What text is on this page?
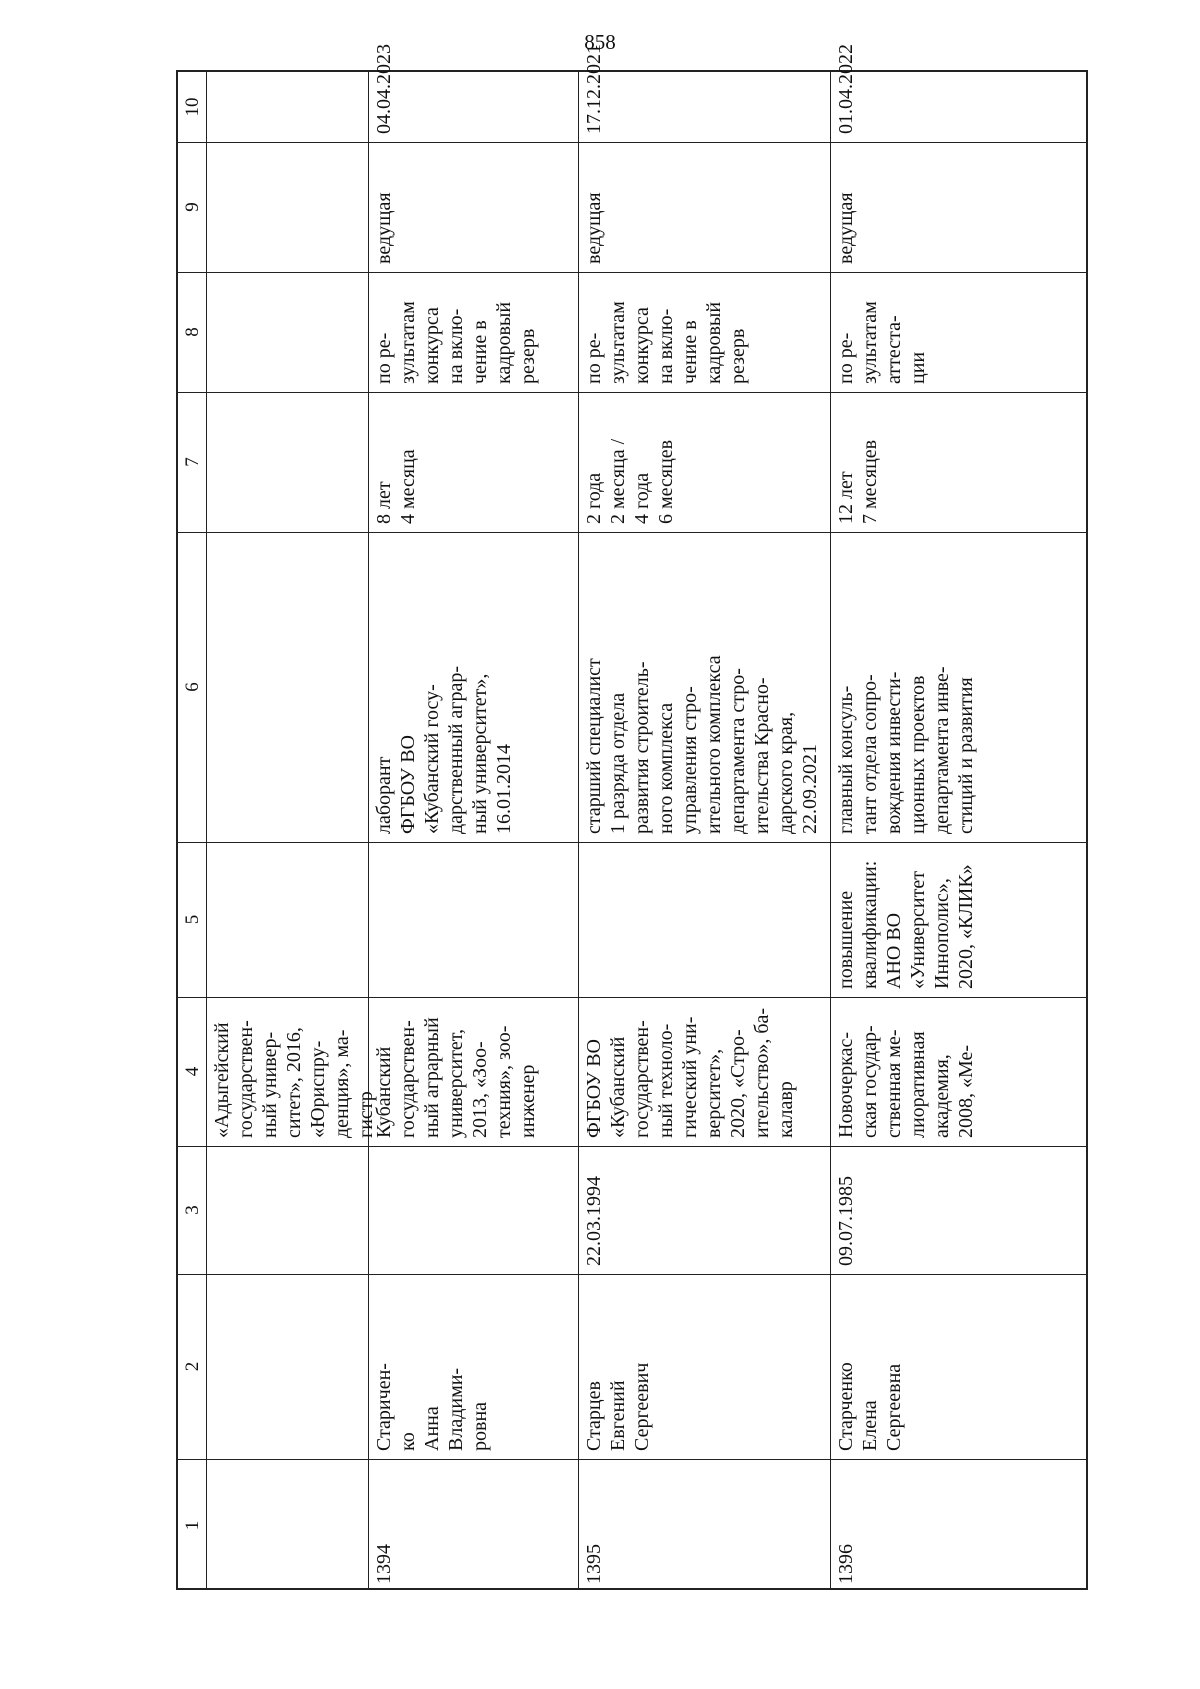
858
1
2
3
4
5
6
7
8
9
10
«Адыгейский
государствен-
ный универ-
ситет», 2016,
«Юриспру-
денция», ма-
гистр
1394
Старичен-
ко
Анна
Владими-
ровна
Кубанский
государствен-
ный аграрный
университет,
2013, «Зоо-
техния», зоо-
инженер
лаборант
ФГБОУ ВО
«Кубанский госу-
дарственный аграр-
ный университет»,
16.01.2014
8 лет
4 месяца
по ре-
зультатам
конкурса
на вклю-
чение в
кадровый
резерв
ведущая
04.04.2023
1395
Старцев
Евгений
Сергеевич
22.03.1994
ФГБОУ ВО
«Кубанский
государствен-
ный техноло-
гический уни-
верситет»,
2020, «Стро-
ительство», ба-
калавр
старший специалист
1 разряда отдела
развития строитель-
ного комплекса
управления стро-
ительного комплекса
департамента стро-
ительства Красно-
дарского края,
22.09.2021
2 года
2 месяца /
4 года
6 месяцев
по ре-
зультатам
конкурса
на вклю-
чение в
кадровый
резерв
ведущая
17.12.2021
1396
Старченко
Елена
Сергеевна
09.07.1985
Новочеркас-
ская государ-
ственная ме-
лиоративная
академия,
2008, «Ме-
повышение
квалификации:
АНО ВО
«Университет
Иннополис»,
2020, «КЛИК»
главный консуль-
тант отдела сопро-
вождения инвести-
ционных проектов
департамента инве-
стиций и развития
12 лет
7 месяцев
по ре-
зультатам
аттеста-
ции
ведущая
01.04.2022
